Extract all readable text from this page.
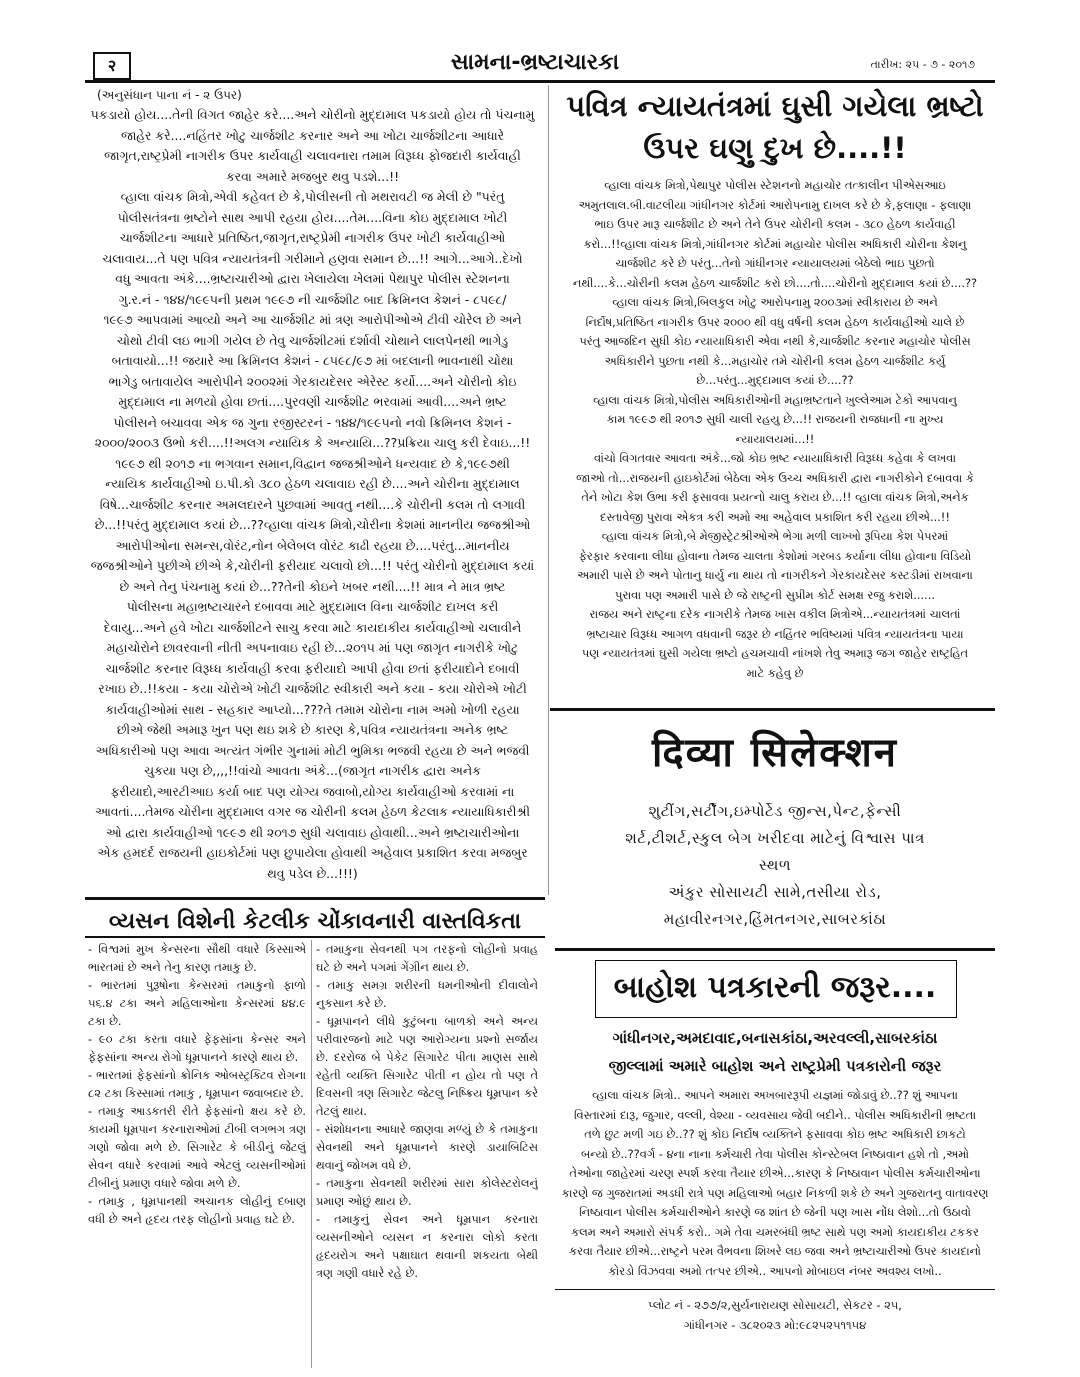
२	સામના-ભ્રષ્ટાચારકા	તારીખ: ૨૫ - ૭ - ૨૦૧૭

(અનુસંધાન પાના નં - ૨ ઉપર)

પકડાયો હોય....તેની વિગત જાહેર કરે....અને ચોરીનો મુદ્દામાલ પકડાયો હોય તો પંચનામુ

જાહેર કરે....નહિંતર ખોટુ ચાર્જશીટ કરનાર અને આ ખોટા ચાર્જશીટના આધારે

જાગૃત,રાષ્ટ્રપ્રેમી નાગરીક ઉપર કાર્યવાહી ચલાવનારા તમામ વિરૂધ્ધ ફોજદારી કાર્યવાહી

કરવા અમારે મજબુર થવુ પડશે...!!

વ્હાલા વાંચક મિત્રો,એવી કહેવત છે કે,પોલીસની તો મથરાવટી જ મેલી છે "પરંતુ

પોલીસતંત્રના ભ્રષ્ટોને સાથ આપી રહયા હોય....તેમ....વિના કોઇ મુદ્દામાલ ખોટી

ચાર્જશીટના આધારે પ્રતિષ્ઠિત,જાગૃત,રાષ્ટ્રપ્રેમી નાગરીક ઉપર ખોટી કાર્યવાહીઓ

ચલાવાય...તે પણ પવિત્ર ન્યાયતંત્રની ગરીમાને હણવા સમાન છે...!! આગે...આગે..દેખો

વધુ આવતા અંકે....ભ્રષ્ટાચારીઓ દ્વારા ખેલાયેલા ખેલમાં પેથાપુર પોલીસ સ્ટેશનના

ગુ.ર.નં - ૧૪૪/૧૯૯૫ની પ્રથમ ૧૯૯૭ ની ચાર્જશીટ બાદ ક્રિમિનલ કેશનં - ૮૫૯૮/

૧૯૯૭ આપવામાં આવ્યો અને આ ચાર્જશીટ માં ત્રણ આરોપીઓએ ટીવી ચોરેલ છે અને

ચોથો ટીવી લઇ ભાગી ગયેલ છે તેવુ ચાર્જશીટમાં દર્શાવી ચોથાને લાલપેનથી ભાગેડુ

બતાવાયો...!! જયારે આ ક્રિમિનલ કેશનં - ૮૫૯૮/૯૭ માં બદલાની ભાવનાથી ચોથા

ભાગેડુ બતાવાયેલ આરોપીને ૨૦૦૨માં ગેરકાયદેસર એરેસ્ટ કર્યો....અને ચોરીનો કોઇ

મુદ્દામાલ ના મળયો હોવા છતાં....પુરવણી ચાર્જશીટ ભરવામાં આવી....અને ભ્રષ્ટ

પોલીસને બચાવવા એક જ ગુના રજીસ્ટરનં - ૧૪૪/૧૯૯૫નો નવો ક્રિમિનલ કેશનં -

૨૦૦૦/૨૦૦૩ ઉભો કરી....!!અલગ ન્યાયિક કે અન્યાયિ...??પ્રક્રિયા ચાલુ કરી દેવાઇ...!!

૧૯૯૭ થી ૨૦૧૭ ના ભગવાન સમાન,વિદ્વાન જજશ્રીઓને ધન્યવાદ છે કે,૧૯૯૭થી

ન્યાયિક કાર્યવાહીઓ ઇ.પી.કો ૩૮૦ હેઠળ ચલાવાઇ રહી છે....અને ચોરીના મુદ્દામાલ

વિષે...ચાર્જશીટ કરનાર અમલદારને પુછવામાં આવતુ નથી....કે ચોરીની કલમ તો લગાવી

છે...!!પરંતુ મુદ્દામાલ કયાં છે...??વ્હાલા વાંચક મિત્રો,ચોરીના કેશમાં માનનીય જજશ્રીઓ

આરોપીઓના સમન્સ,વોરંટ,નોન બેલેબલ વોરંટ કાઢી રહયા છે....પરંતુ...માનનીય

જજશ્રીઓને પુછીએ છીએ કે,ચોરીની ફરીયાદ ચલાવો છો...!! પરંતુ ચોરીનો મુદ્દામાલ કયાં

છે અને તેનુ પંચનામુ કયાં છે...??તેની કોઇને ખબર નથી....!! માત્ર ને માત્ર ભ્રષ્ટ

પોલીસના મહાભ્રષ્ટાચારને દબાવવા માટે મુદ્દામાલ વિના ચાર્જશીટ દાખલ કરી

દેવાયુ...અને હવે ખોટા ચાર્જશીટને સાચુ કરવા માટે કાયદાકીય કાર્યવાહીઓ ચલાવીને

મહાચોરોને છાવરવાની નીતી અપનાવાઇ રહી છે...૨૦૧૫ માં પણ જાગૃત નાગરીકે ખોટુ

ચાર્જશીટ કરનાર વિરૂધ્ધ કાર્યવાહી કરવા ફરીયાદો આપી હોવા છતાં ફરીયાદોને દબાવી

રખાઇ છે..!!કયા - કયા ચોરોએ ખોટી ચાર્જશીટ સ્વીકારી અને કયા - કયા ચોરોએ ખોટી

કાર્યવાહીઓમાં સાથ - સહકાર આપ્યો...???તે તમામ ચોરોના નામ અમો ખોળી રહયા

છીએ જેથી અમારૂ ખુન પણ થઇ શકે છે કારણ કે,પવિત્ર ન્યાયતંત્રના અનેક ભ્રષ્ટ

અધિકારીઓ પણ આવા અત્યંત ગંભીર ગુનામાં મોટી ભુમિકા ભજવી રહયા છે અને ભજવી

ચુકયા પણ છે,,,,!!વાંચો આવતા અંકે...(જાગૃત નાગરીક દ્વારા અનેક

ફરીયાદો,આરટીઆઇ કર્યા બાદ પણ યોગ્ય જવાબો,યોગ્ય કાર્યવાહીઓ કરવામાં ના

આવતાં....તેમજ ચોરીના મુદ્દામાલ વગર જ ચોરીની કલમ હેઠળ કેટલાક ન્યાયાધિકારીશ્રી

ઓ દ્વારા કાર્યવાહીઓ ૧૯૯૭ થી ૨૦૧૭ સુધી ચલાવાઇ હોવાથી...અને ભ્રષ્ટાચારીઓના

એક હમદર્દ રાજયની હાઇકોર્ટમાં પણ છુપાયેલા હોવાથી અહેવાલ પ્રકાશિત કરવા મજબુર

થવુ પડેલ છે...!!!)

પવિત્ર ન્યાયતંત્રમાં ઘુસી ગયેલા ભ્રષ્ટો

ઉપર ઘણુ દુખ છે....!!

વ્હાલા વાંચક મિત્રો,પેથાપુર પોલીસ સ્ટેશનનો મહાચોર તત્કાલીન પીએસઆઇ

અમુતલાલ.બી.વાટલીયા ગાંધીનગર કોર્ટમાં આરોપનામુ દાખલ કરે છે કે,ફલાણા - ફલાણા

ભાઇ ઉપર મારૂ ચાર્જશીટ છે અને તેને ઉપર ચોરીની કલમ - ૩૮૦ હેઠળ કાર્યવાહી

કરો...!!વ્હાલા વાંચક મિત્રો,ગાંધીનગર કોર્ટમાં મહાચોર પોલીસ અધિકારી ચોરીના કેશનુ

ચાર્જશીટ કરે છે પરંતુ...તેનો ગાંધીનગર ન્યાયાલયમાં બેઠેલો ભાઇ પુછતો

નથી....કે...ચોરીની કલમ હેઠળ ચાર્જશીટ કરો છો....તો....ચોરીનો મુદ્દામાલ કયાં છે....??

વ્હાલા વાંચક મિત્રો,બિલકુલ ખોટુ આરોપનામુ ૨૦૦૩માં સ્વીકારાય છે અને

નિર્દોષ,પ્રતિષ્ઠિત નાગરીક ઉપર ૨૦૦૦ થી વધુ વર્ષની કલમ હેઠળ કાર્યવાહીઓ ચાલે છે

પરંતુ આજદિન સુધી કોઇ ન્યાયાધિકારી એવા નથી કે,ચાર્જશીટ કરનાર મહાચોર પોલીસ

અધિકારીને પુછતા નથી કે...મહાચોર તમે ચોરીની કલમ હેઠળ ચાર્જશીટ કર્યુ

છે...પરંતુ...મુદ્દામાલ કયાં છે....??

વ્હાલા વાંચક મિત્રો,પોલીસ અધિકારીઓની મહાભ્રષ્ટતાને ખુલ્લેઆમ ટેકો આપવાનુ

કામ ૧૯૯૭ થી ૨૦૧૭ સુધી ચાલી રહયુ છે...!! રાજયની રાજધાની ના મુખ્ય

ન્યાયાલયમાં...!!

વાંચો વિગતવાર આવતા અંકે...જો કોઇ ભ્રષ્ટ ન્યાયાધિકારી વિરૂધ્ધ કહેવા કે લખવા

જાઓ તો...રાજયની હાઇકોર્ટમાં બેઠેલા એક ઉચ્ચ અધિકારી દ્વારા નાગરીકોને દબાવવા કે

તેને ખોટા કેશ ઉભા કરી ફસાવવા પ્રયત્નો ચાલુ કરાય છે...!! વ્હાલા વાંચક મિત્રો,અનેક

દસ્તાવેજી પુરાવા એકત્ર કરી અમો આ અહેવાલ પ્રકાશિત કરી રહયા છીએ...!!

વ્હાલા વાંચક મિત્રો,બે મેજીસ્ટ્રેટશ્રીઓએ ભેગા મળી લાખ્ખો રૂપિયા કેશ પેપરમાં

ફેરફાર કરવાના લીધા હોવાના તેમજ ચાલતા કેશોમાં ગરબડ કર્યાના લીધા હોવાના વિડિયો

અમારી પાસે છે અને પોતાનુ ધાર્યુ ના થાય તો નાગરીકને ગેરકાયદેસર કસ્ટડીમાં રાખવાના

પુરાવા પણ અમારી પાસે છે જે રાષ્ટ્રની સુપ્રીમ કોર્ટ સમક્ષ રજુ કરાશે......

રાજય અને રાષ્ટ્રના દરેક નાગરીકે તેમજ ખાસ વકીલ મિત્રોએ...ન્યાયતંત્રમાં ચાલતાં

ભ્રષ્ટાચાર વિરૂધ્ધ આગળ વધવાની જરૂર છે નહિંતર ભવિષ્યમાં પવિત્ર ન્યાયતંત્રના પાયા

પણ ન્યાયતંત્રમાં ઘુસી ગયેલા ભ્રષ્ટો હચમચાવી નાંખશે તેવુ અમારૂ જગ જાહેર રાષ્ટ્રહિત

માટે કહેવુ છે

दिव्या सिलेक्शन

શુટીંગ,સર્ટીંગ,ઇમ્પોર્ટેડ જીન્સ,પેન્ટ,ફેન્સી

શર્ટ,ટીશર્ટ,સ્કુલ બેગ ખરીદવા માટેનું વિશ્વાસ પાત્ર

સ્થળ

અંકુર સોસાયટી સામે,તસીયા રોડ,

મહાવીરનગર,હિંમતનગર,સાબરકાંઠા

વ્યસન વિશેની કેટલીક ચોંકાવનારી વાસ્તવિકતા

- વિશ્વમાં મુખ કેન્સરના સૌથી વધારે કિસ્સાએ ભારતમાં છે અને તેનુ કારણ તમાકુ છે.

- ભારતમાં પુરૂષોના કેન્સરમાં તમાકુનો ફાળો ૫૬.૪ ટકા અને મહિલાઓના કેન્સરમાં ૪૪.૯ ટકા છે.

- ૯૦ ટકા કરતા વધારે ફેફસાંના કેન્સર અને ફેફસાંના અન્ય રોગો ધૂમ્રપાનને કારણે થાય છે.

- ભારતમાં ફેફસાંનો ક્રોનિક ઓબસ્ટ્રક્ટિવ રોગના ૮૨ ટકા કિસ્સામાં તમાકુ , ધૂમ્રપાન જવાબદાર છે.

- તમાકુ આડકતરી રીતે ફેફસાંનો ક્ષય કરે છે. કાયમી ધૂમ્રપાન કરનારાઓમાં ટીબી લગભગ ત્રણ ગણો જોવા મળે છે. સિગારેટ કે બીડીનું જેટલું સેવન વધારે કરવામાં આવે એટલું વ્યસનીઓમાં ટીબીનું પ્રમાણ વધારે જોવા મળે છે.

- તમાકુ , ધૂમ્રપાનથી અચાનક લોહીનું દબાણ વધી છે અને હૃદય તરફ લોહીનો પ્રવાહ ઘટે છે.

- તમાકુના સેવનથી પગ તરફનો લોહીનો પ્રવાહ ઘટે છે અને પગમાં ગેંગ્રીન થાય છે.

- તમાકુ સમગ્ર શરીરની ધમનીઓની દીવાલોને નુકસાન કરે છે.

- ધૂમ્રપાનને લીધે કુટુંબના બાળકો અને અન્ય પરીવારજનો માટે પણ આરોગ્યના પ્રશ્નો સર્જાય છે. દરરોજ બે પેકેટ સિગારેટ પીતા માણસ સાથે રહેતી વ્યક્તિ સિગારેટ પીતી ન હોય તો પણ તે દિવસની ત્રણ સિગારેટ જેટલુ નિષ્ક્રિય ધૂમ્રપાન કરે તેટલું થાય.

- સંશોધનના આધારે જાણવા મળ્યું છે કે તમાકુના સેવનથી અને ધૂમ્રપાનને કારણે ડાયાબિટિસ થવાનું જોખમ વધે છે.

- તમાકુના સેવનથી શરીરમાં સારા કોલેસ્ટરોલનું પ્રમાણ ઓછું થાય છે.

- તમાકુનું સેવન અને ધૂમ્રપાન કરનારા વ્યસનીઓને વ્યસન ન કરનારા લોકો કરતા હૃદયરોગ અને પક્ષાઘાત થવાની શકયતા બેથી ત્રણ ગણી વધારે રહે છે.

બાહોશ પત્રકારની જરૂર....

ગાંધીનગર,અમદાવાદ,બનાસકાંઠા,અરવલ્લી,સાબરકાંઠા

જીલ્લામાં અમારે બાહોશ અને રાષ્ટ્રપ્રેમી પત્રકારોની જરૂર

વ્હાલા વાંચક મિત્રો.. આપને અમારા અખબારરૂપી યજ્ઞમાં જોડાવું છે..?? શું આપના

વિસ્તારમાં દારૂ, જુગાર, વલ્લી, વેશ્યા - વ્યવસાય જેવી બદીને.. પોલીસ અધિકારીની ભ્રષ્ટતા

તળે છુટ મળી ગઇ છે..?? શું કોઇ નિર્દોષ વ્યક્તિને ફસાવવા કોઇ ભ્રષ્ટ અધિકારી છાકટો

બન્યો છે..??વર્ગ - ૪ના નાના કર્મચારી તેવા પોલીસ કોન્સ્ટેબલ નિષ્ઠાવાન હશે તો ,અમો

તેઓના જાહેરમાં ચરણ સ્પર્શ કરવા તૈયાર છીએ...કારણ કે નિષ્ઠાવાન પોલીસ કર્મચારીઓના

કારણે જ ગુજરાતમાં અડધી રાત્રે પણ મહિલાઓ બહાર નિકળી શકે છે અને ગુજરાતનુ વાતાવરણ

નિષ્ઠાવાન પોલીસ કર્મચારીઓને કારણે જ શાંત છે જેની પણ ખાસ નોંધ લેશો...તો ઉઠાવો

કલમ અને અમારો સંપર્ક કરો.. ગમે તેવા ચમરબંધી ભ્રષ્ટ સાથે પણ અમો કાયદાકીય ટકકર

કરવા તૈયાર છીએ...રાષ્ટ્રને પરમ વૈભવના શિખરે લઇ જવા અને ભ્રષ્ટાચારીઓ ઉપર કાયદાનો

કોરડો વિંઝવવા અમો તત્પર છીએ.. આપનો મોબાઇલ નંબર અવશ્ય લખો..

પ્લોટ નં - ૨૭૭/૨,સુર્યનારાયણ સોસાયટી, સેકટર - ૨૫,

ગાંધીનગર - ૩૮૨૦૨૩ મો:૯૮૨૫૨૫૧૧૫૪
